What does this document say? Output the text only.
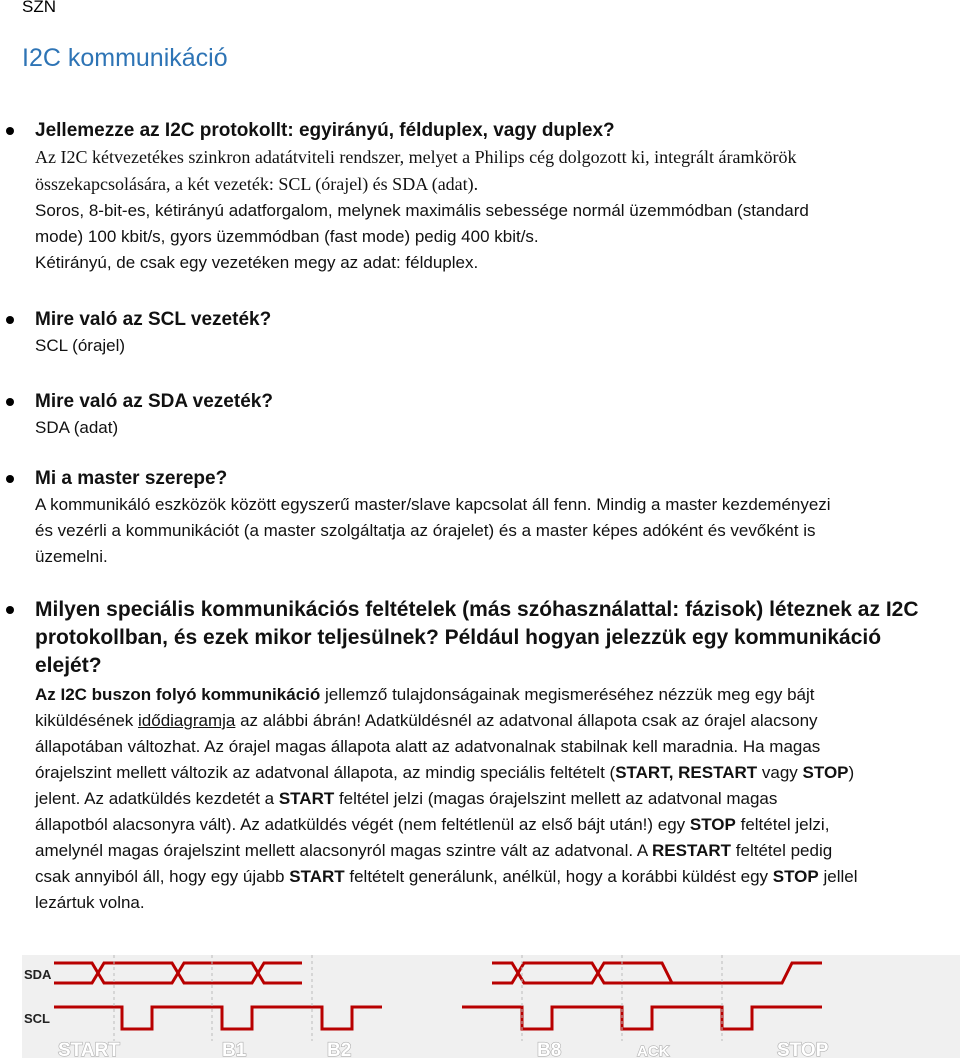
SZN
I2C kommunikáció
Jellemezze az I2C protokollt: egyirányú, félduplex, vagy duplex?
Az I2C kétvezetékes szinkron adatátviteli rendszer, melyet a Philips cég dolgozott ki, integrált áramkörök
összekapcsolására, a két vezeték: SCL (órajel) és SDA (adat).
Soros, 8-bit-es, kétirányú adatforgalom, melynek maximális sebessége normál üzemmódban (standard
mode) 100 kbit/s, gyors üzemmódban (fast mode) pedig 400 kbit/s.
Kétirányú, de csak egy vezetéken megy az adat: félduplex.
Mire való az SCL vezeték?
SCL (órajel)
Mire való az SDA vezeték?
SDA (adat)
Mi a master szerepe?
A kommunikáló eszközök között egyszerű master/slave kapcsolat áll fenn. Mindig a master kezdeményezi
és vezérli a kommunikációt (a master szolgáltatja az órajelet) és a master képes adóként és vevőként is
üzemelni.
Milyen speciális kommunikációs feltételek (más szóhasználattal: fázisok) léteznek az I2C
protokollban, és ezek mikor teljesülnek? Például hogyan jelezzük egy kommunikáció
elejét?
Az I2C buszon folyó kommunikáció jellemző tulajdonságainak megismeréséhez nézzük meg egy bájt
kiküldésének idődiagramja az alábbi ábrán! Adatküldésnél az adatvonal állapota csak az órajel alacsony
állapotában változhat. Az órajel magas állapota alatt az adatvonalnak stabilnak kell maradnia. Ha magas
órajelszint mellett változik az adatvonal állapota, az mindig speciális feltételt (START, RESTART vagy STOP)
jelent. Az adatküldés kezdetét a START feltétel jelzi (magas órajelszint mellett az adatvonal magas
állapotból alacsonyra vált). Az adatküldés végét (nem feltétlenül az első bájt után!) egy STOP feltétel jelzi,
amelynél magas órajelszint mellett alacsonyról magas szintre vált az adatvonal. A RESTART feltétel pedig
csak annyiból áll, hogy egy újabb START feltételt generálunk, anélkül, hogy a korábbi küldést egy STOP jellel
lezártuk volna.
SDA
SCL
START	B1	B2	B8	ACK	STOP
